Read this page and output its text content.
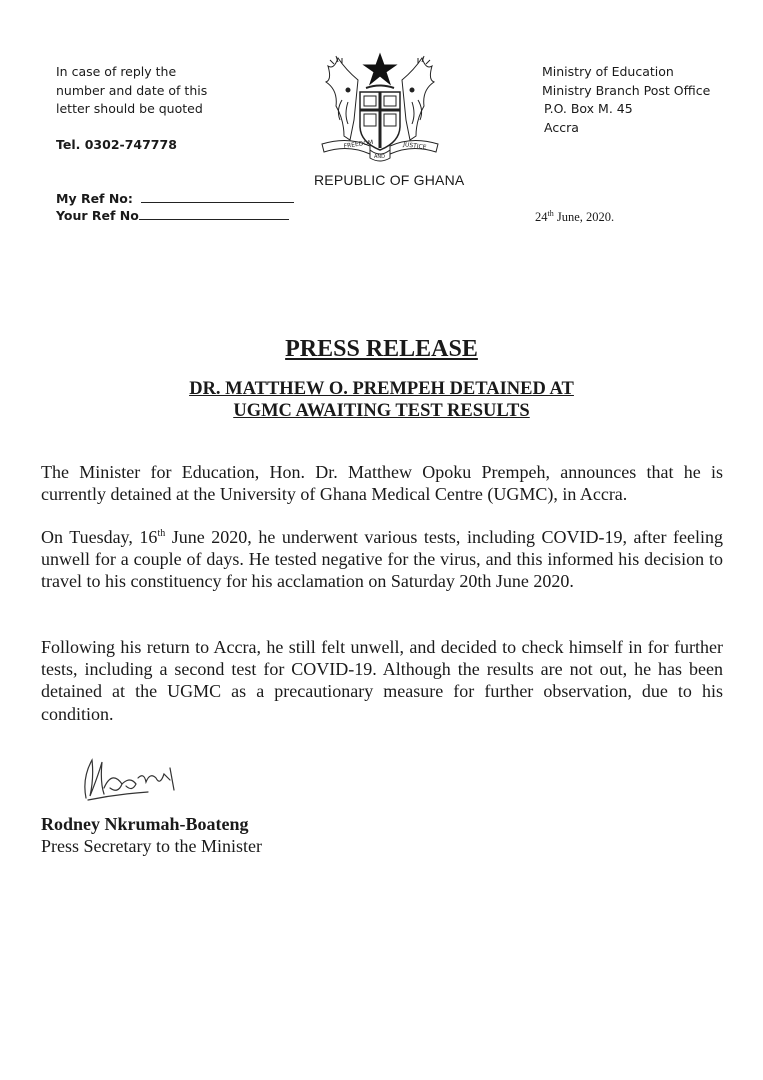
In case of reply the
number and date of this
letter should be quoted
Tel. 0302-747778	FREEDOM	JUSTICE
AND
REPUBLIC OF GHANA
Ministry of Education
Ministry Branch Post Office
P.O. Box M. 45
Accra
My Ref No:
Your Ref No	24th June, 2020.
PRESS RELEASE
DR. MATTHEW O. PREMPEH DETAINED AT
UGMC AWAITING TEST RESULTS
The Minister for Education, Hon. Dr. Matthew Opoku Prempeh, announces that he is currently detained at the University of Ghana Medical Centre (UGMC), in Accra.
On Tuesday, 16th June 2020, he underwent various tests, including COVID-19, after feeling unwell for a couple of days. He tested negative for the virus, and this informed his decision to travel to his constituency for his acclamation on Saturday 20th June 2020.
Following his return to Accra, he still felt unwell, and decided to check himself in for further tests, including a second test for COVID-19. Although the results are not out, he has been detained at the UGMC as a precautionary measure for further observation, due to his condition.
Rodney Nkrumah-Boateng
Press Secretary to the Minister
